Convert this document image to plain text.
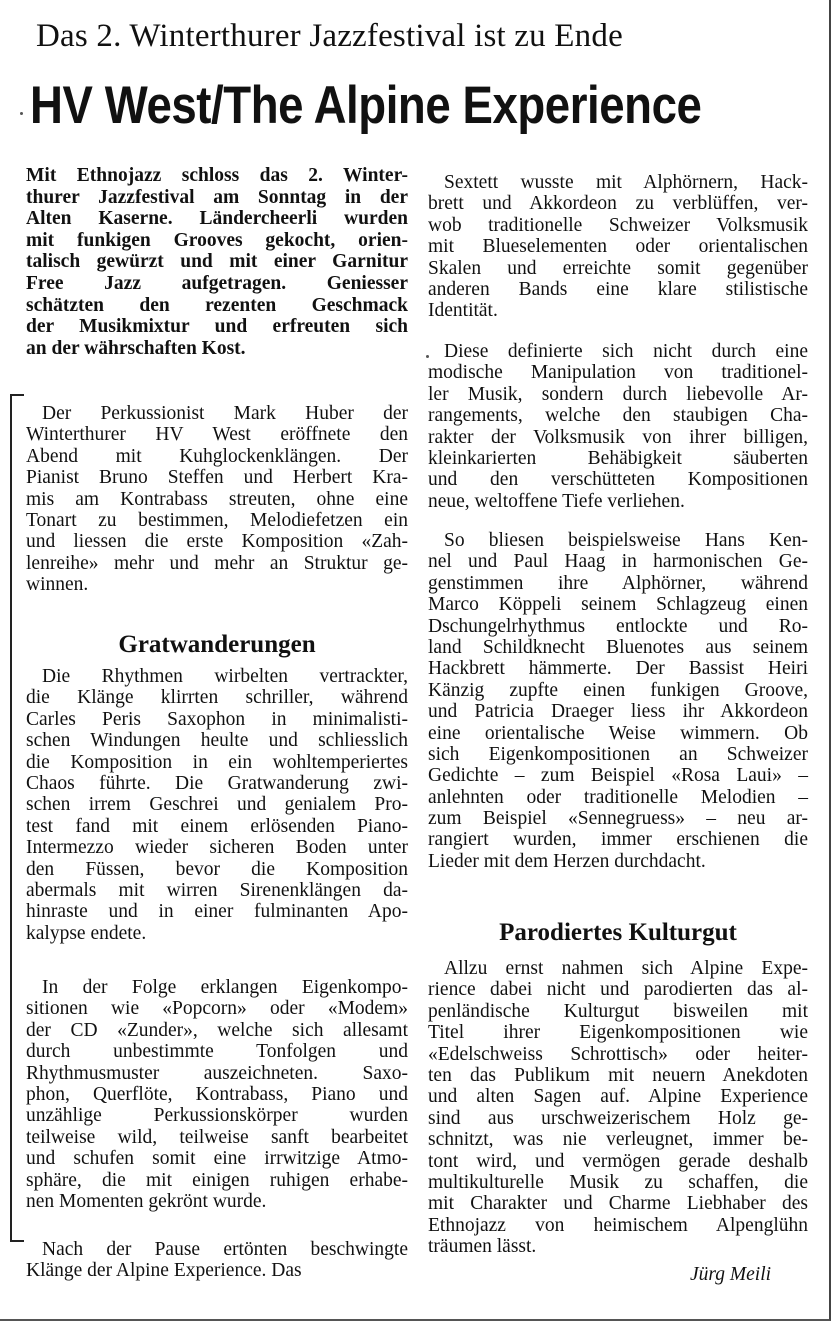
Das 2. Winterthurer Jazzfestival ist zu Ende
HV West/The Alpine Experience
Mit Ethnojazz schloss das 2. Winter-
thurer Jazzfestival am Sonntag in der
Alten Kaserne. Ländercheerli wurden
mit funkigen Grooves gekocht, orien-
talisch gewürzt und mit einer Garnitur
Free Jazz aufgetragen. Geniesser
schätzten den rezenten Geschmack
der Musikmixtur und erfreuten sich
an der währschaften Kost.
Der Perkussionist Mark Huber der
Winterthurer HV West eröffnete den
Abend mit Kuhglockenklängen. Der
Pianist Bruno Steffen und Herbert Kra-
mis am Kontrabass streuten, ohne eine
Tonart zu bestimmen, Melodiefetzen ein
und liessen die erste Komposition «Zah-
lenreihe» mehr und mehr an Struktur ge-
winnen.
Gratwanderungen
Die Rhythmen wirbelten vertrackter,
die Klänge klirrten schriller, während
Carles Peris Saxophon in minimalisti-
schen Windungen heulte und schliesslich
die Komposition in ein wohltemperiertes
Chaos führte. Die Gratwanderung zwi-
schen irrem Geschrei und genialem Pro-
test fand mit einem erlösenden Piano-
Intermezzo wieder sicheren Boden unter
den Füssen, bevor die Komposition
abermals mit wirren Sirenenklängen da-
hinraste und in einer fulminanten Apo-
kalypse endete.
In der Folge erklangen Eigenkompo-
sitionen wie «Popcorn» oder «Modem»
der CD «Zunder», welche sich allesamt
durch unbestimmte Tonfolgen und
Rhythmusmuster auszeichneten. Saxo-
phon, Querflöte, Kontrabass, Piano und
unzählige Perkussionskörper wurden
teilweise wild, teilweise sanft bearbeitet
und schufen somit eine irrwitzige Atmo-
sphäre, die mit einigen ruhigen erhabe-
nen Momenten gekrönt wurde.
Nach der Pause ertönten beschwingte
Klänge der Alpine Experience. Das
Sextett wusste mit Alphörnern, Hack-
brett und Akkordeon zu verblüffen, ver-
wob traditionelle Schweizer Volksmusik
mit Blueselementen oder orientalischen
Skalen und erreichte somit gegenüber
anderen Bands eine klare stilistische
Identität.
Diese definierte sich nicht durch eine
modische Manipulation von traditionel-
ler Musik, sondern durch liebevolle Ar-
rangements, welche den staubigen Cha-
rakter der Volksmusik von ihrer billigen,
kleinkarierten Behäbigkeit säuberten
und den verschütteten Kompositionen
neue, weltoffene Tiefe verliehen.
So bliesen beispielsweise Hans Ken-
nel und Paul Haag in harmonischen Ge-
genstimmen ihre Alphörner, während
Marco Köppeli seinem Schlagzeug einen
Dschungelrhythmus entlockte und Ro-
land Schildknecht Bluenotes aus seinem
Hackbrett hämmerte. Der Bassist Heiri
Känzig zupfte einen funkigen Groove,
und Patricia Draeger liess ihr Akkordeon
eine orientalische Weise wimmern. Ob
sich Eigenkompositionen an Schweizer
Gedichte – zum Beispiel «Rosa Laui» –
anlehnten oder traditionelle Melodien –
zum Beispiel «Sennegruess» – neu ar-
rangiert wurden, immer erschienen die
Lieder mit dem Herzen durchdacht.
Parodiertes Kulturgut
Allzu ernst nahmen sich Alpine Expe-
rience dabei nicht und parodierten das al-
penländische Kulturgut bisweilen mit
Titel ihrer Eigenkompositionen wie
«Edelschweiss Schrottisch» oder heiter-
ten das Publikum mit neuern Anekdoten
und alten Sagen auf. Alpine Experience
sind aus urschweizerischem Holz ge-
schnitzt, was nie verleugnet, immer be-
tont wird, und vermögen gerade deshalb
multikulturelle Musik zu schaffen, die
mit Charakter und Charme Liebhaber des
Ethnojazz von heimischem Alpenglühn
träumen lässt.
Jürg Meili
